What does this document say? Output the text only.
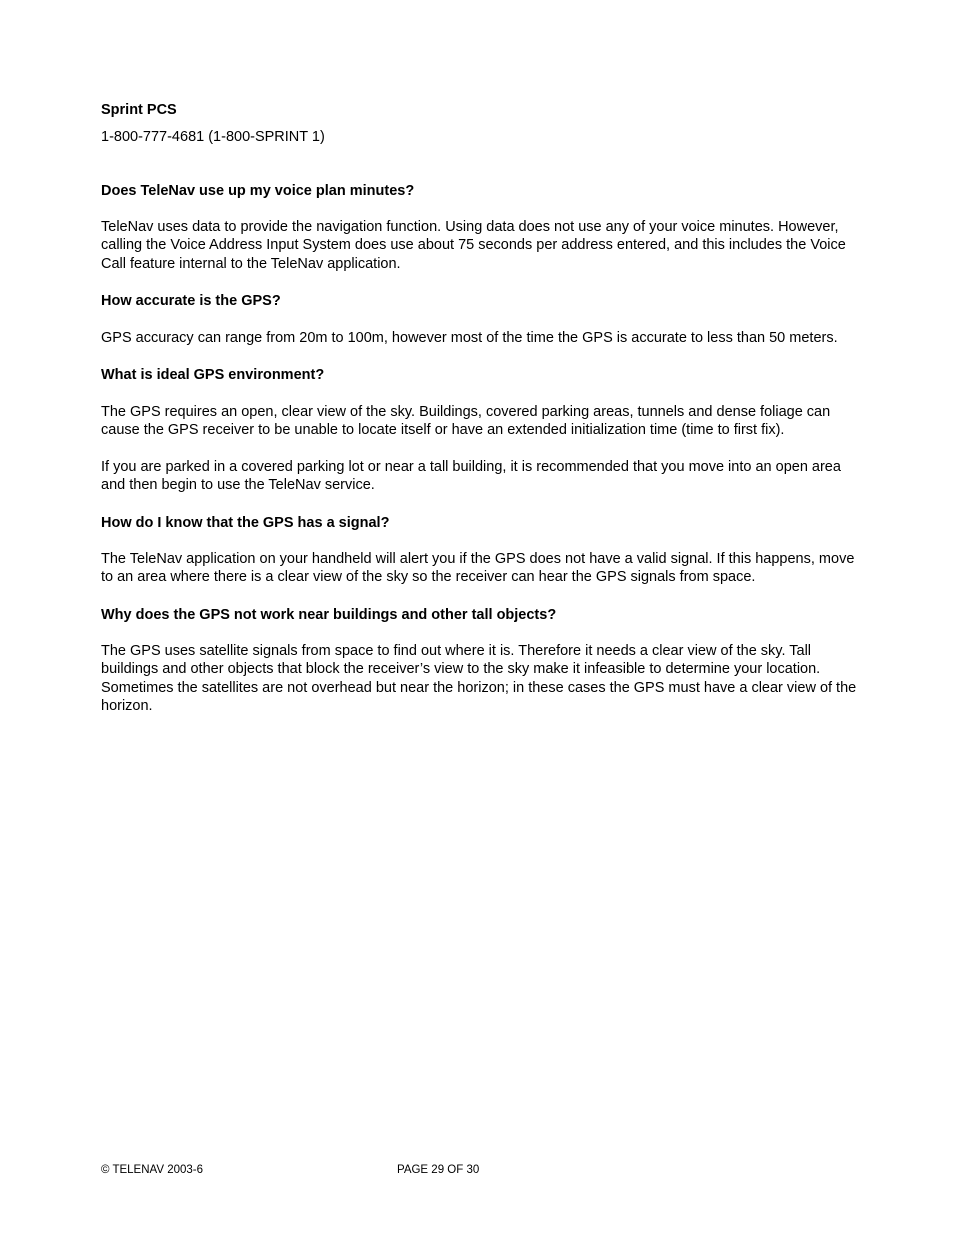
Sprint PCS

1-800-777-4681 (1-800-SPRINT 1)

Does TeleNav use up my voice plan minutes?

TeleNav uses data to provide the navigation function. Using data does not use any of your voice minutes. However, calling the Voice Address Input System does use about 75 seconds per address entered, and this includes the Voice Call feature internal to the TeleNav application.

How accurate is the GPS?

GPS accuracy can range from 20m to 100m, however most of the time the GPS is accurate to less than 50 meters.

What is ideal GPS environment?

The GPS requires an open, clear view of the sky. Buildings, covered parking areas, tunnels and dense foliage can cause the GPS receiver to be unable to locate itself or have an extended initialization time (time to first fix).

If you are parked in a covered parking lot or near a tall building, it is recommended that you move into an open area and then begin to use the TeleNav service.

How do I know that the GPS has a signal?

The TeleNav application on your handheld will alert you if the GPS does not have a valid signal. If this happens, move to an area where there is a clear view of the sky so the receiver can hear the GPS signals from space.

Why does the GPS not work near buildings and other tall objects?

The GPS uses satellite signals from space to find out where it is. Therefore it needs a clear view of the sky. Tall buildings and other objects that block the receiver’s view to the sky make it infeasible to determine your location. Sometimes the satellites are not overhead but near the horizon; in these cases the GPS must have a clear view of the horizon.

© TELENAV 2003-6	PAGE 29 OF 30
